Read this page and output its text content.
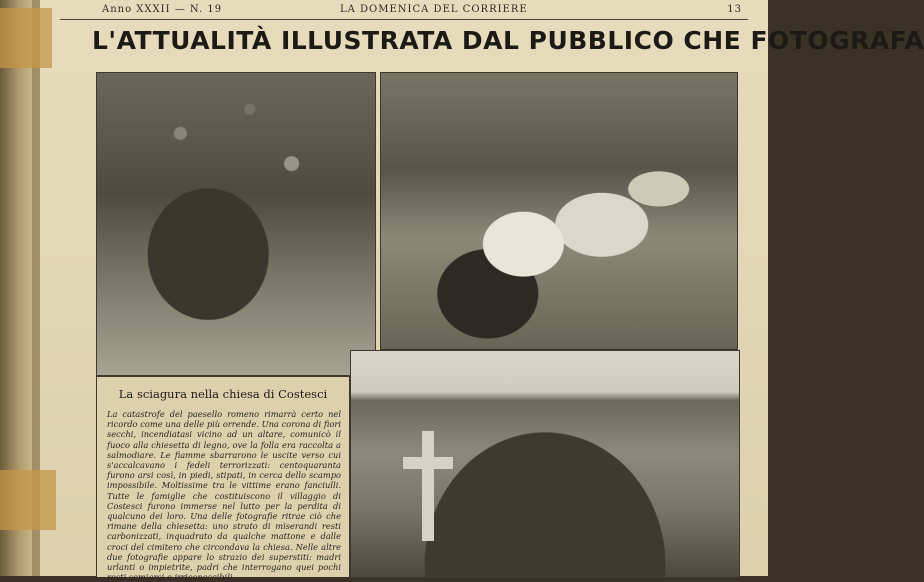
Anno XXXII — N. 19	LA DOMENICA DEL CORRIERE	13
L'ATTUALITÀ ILLUSTRATA DAL PUBBLICO CHE FOTOGRAFA
La sciagura nella chiesa di Costesci
La catastrofe del paesello romeno rimarrà certo nel ricordo come una delle più orrende. Una corona di fiori secchi, incendiatasi vicino ad un altare, comunicò il fuoco alla chiesetta di legno, ove la folla era raccolta a salmodiare. Le fiamme sbarrarono le uscite verso cui s'accalcavano i fedeli terrorizzati: centoquaranta furono arsi così, in piedi, stipati, in cerca dello scampo impossibile. Moltissime tra le vittime erano fanciulli. Tutte le famiglie che costituiscono il villaggio di Costesci furono immerse nel lutto per la perdita di qualcuno dei loro. Una delle fotografie ritrae ciò che rimane della chiesetta: uno strato di miserandi resti carbonizzati, inquadrato da qualche mattone e dalle croci del cimitero che circondava la chiesa. Nelle altre due fotografie appare lo strazio dei superstiti: madri urlanti o impietrite, padri che interrogano quei pochi resti semiarsi e irriconoscibili.
